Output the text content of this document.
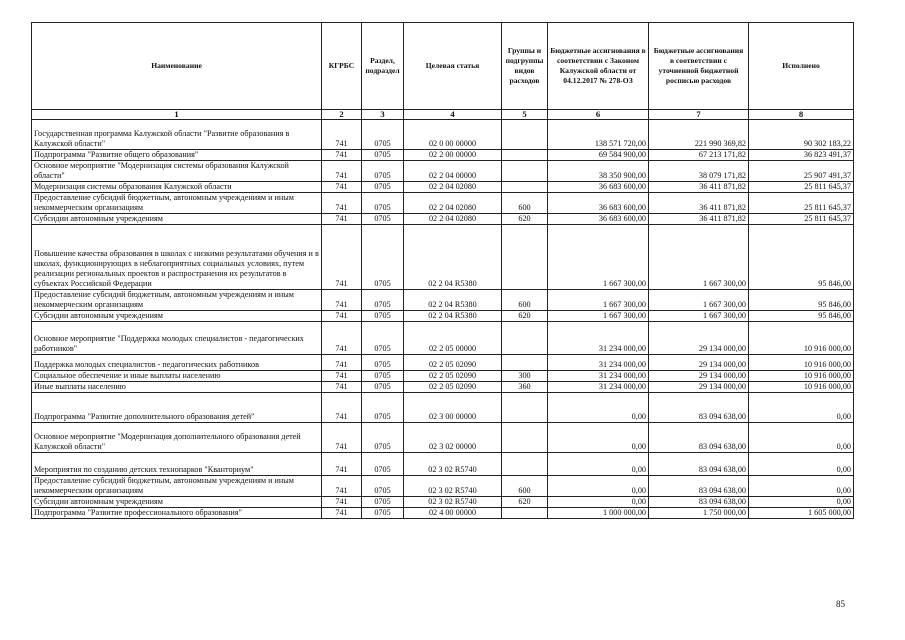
Наименование	КГРБС	Раздел, подраздел	Целевая статья	Группы и подгруппы видов расходов	Бюджетные ассигнования в соответствии с Законом Калужской области от 04.12.2017 № 278-ОЗ	Бюджетные ассигнования в соответствии с уточненной бюджетной росписью расходов	Исполнено
1	2	3	4	5	6	7	8
Государственная программа Калужской области "Развитие образования в Калужской области"	741	0705	02 0 00 00000		138 571 720,00	221 990 369,82	90 302 183,22
Подпрограмма "Развитие общего образования"	741	0705	02 2 00 00000		69 584 900,00	67 213 171,82	36 823 491,37
Основное мероприятие "Модернизация системы образования Калужской области"	741	0705	02 2 04 00000		38 350 900,00	38 079 171,82	25 907 491,37
Модернизация системы образования Калужской области	741	0705	02 2 04 02080		36 683 600,00	36 411 871,82	25 811 645,37
Предоставление субсидий бюджетным, автономным учреждениям и иным некоммерческим организациям	741	0705	02 2 04 02080	600	36 683 600,00	36 411 871,82	25 811 645,37
Субсидии автономным учреждениям	741	0705	02 2 04 02080	620	36 683 600,00	36 411 871,82	25 811 645,37
Повышение качества образования в школах с низкими результатами обучения и в школах, функционирующих в неблагоприятных социальных условиях, путем реализации региональных проектов и распространения их результатов в субъектах Российской Федерации	741	0705	02 2 04 R5380		1 667 300,00	1 667 300,00	95 846,00
Предоставление субсидий бюджетным, автономным учреждениям и иным некоммерческим организациям	741	0705	02 2 04 R5380	600	1 667 300,00	1 667 300,00	95 846,00
Субсидии автономным учреждениям	741	0705	02 2 04 R5380	620	1 667 300,00	1 667 300,00	95 846,00
Основное мероприятие "Поддержка молодых специалистов - педагогических работников"	741	0705	02 2 05 00000		31 234 000,00	29 134 000,00	10 916 000,00
Поддержка молодых специалистов - педагогических работников	741	0705	02 2 05 02090		31 234 000,00	29 134 000,00	10 916 000,00
Социальное обеспечение и иные выплаты населению	741	0705	02 2 05 02090	300	31 234 000,00	29 134 000,00	10 916 000,00
Иные выплаты населению	741	0705	02 2 05 02090	360	31 234 000,00	29 134 000,00	10 916 000,00
Подпрограмма "Развитие дополнительного образования детей"	741	0705	02 3 00 00000		0,00	83 094 638,00	0,00
Основное мероприятие "Модернизация дополнительного образования детей Калужской области"	741	0705	02 3 02 00000		0,00	83 094 638,00	0,00
Мероприятия по созданию детских технопарков "Кванториум"	741	0705	02 3 02 R5740		0,00	83 094 638,00	0,00
Предоставление субсидий бюджетным, автономным учреждениям и иным некоммерческим организациям	741	0705	02 3 02 R5740	600	0,00	83 094 638,00	0,00
Субсидии автономным учреждениям	741	0705	02 3 02 R5740	620	0,00	83 094 638,00	0,00
Подпрограмма "Развитие профессионального образования"	741	0705	02 4 00 00000		1 000 000,00	1 750 000,00	1 605 000,00
85
